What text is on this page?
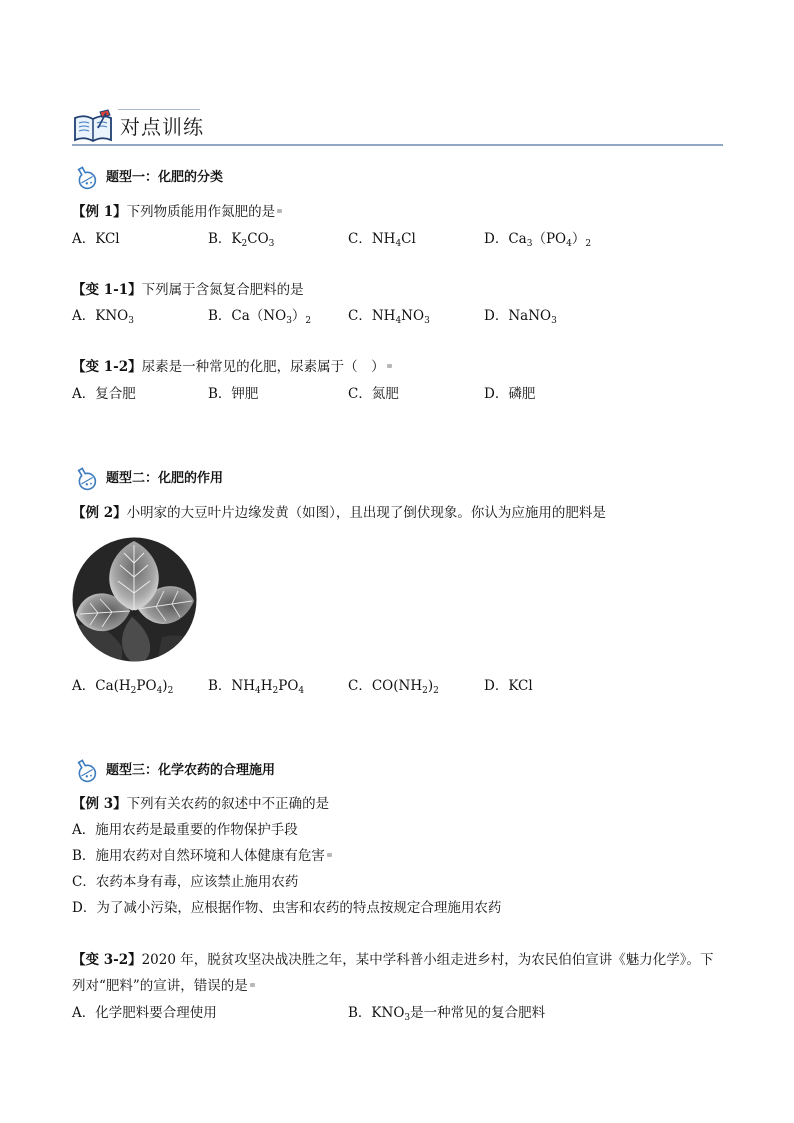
对点训练
题型一：化肥的分类
【例 1】下列物质能用作氮肥的是
A．KCl	B．$K_2CO_3$	C．$NH_4Cl$	D．$Ca_3(PO_4)_2$
【变 1-1】下列属于含氮复合肥料的是
A．$KNO_3$	B．$Ca(NO_3)_2$	C．$NH_4NO_3$	D．NaNO$_3$
【变 1-2】尿素是一种常见的化肥，尿素属于（　）
A．复合肥	B．钾肥	C．氮肥	D．磷肥
题型二：化肥的作用
【例 2】小明家的大豆叶片边缘发黄（如图），且出现了倒伏现象。你认为应施用的肥料是
A．$Ca(H_2PO_4)_2$	B．$NH_4H_2PO_4$	C．$CO(NH_2)_2$	D．KCl
题型三：化学农药的合理施用
【例 3】下列有关农药的叙述中不正确的是
A．施用农药是最重要的作物保护手段
B．施用农药对自然环境和人体健康有危害
C．农药本身有毒，应该禁止施用农药
D．为了减小污染，应根据作物、虫害和农药的特点按规定合理施用农药
【变 3-2】2020 年，脱贫攻坚决战决胜之年，某中学科普小组走进乡村，为农民伯伯宣讲《魅力化学》。下列对“肥料”的宣讲，错误的是
A．化学肥料要合理使用	B．$KNO_3$是一种常见的复合肥料
